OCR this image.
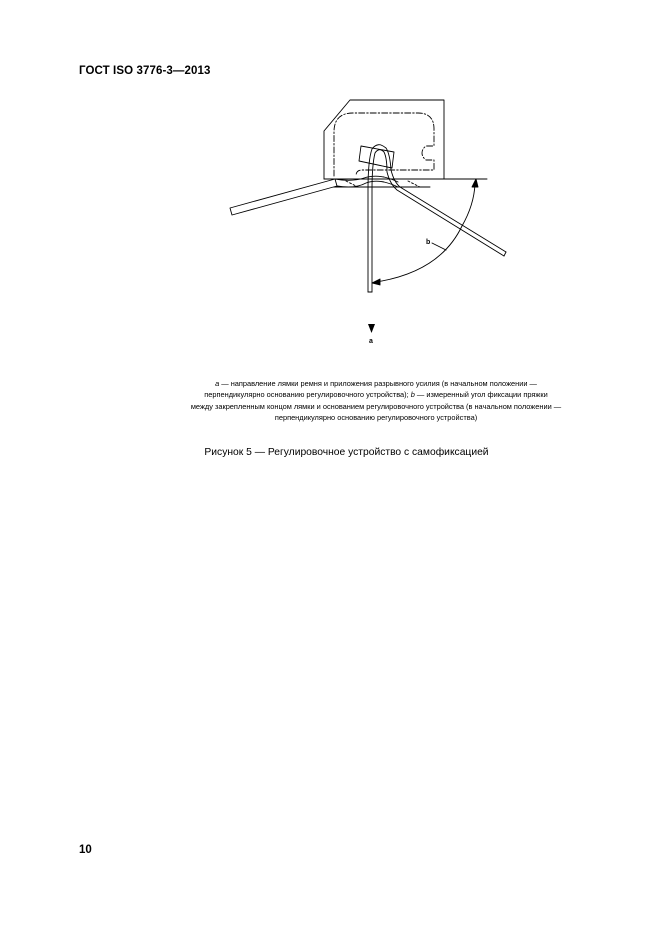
ГОСТ ISO 3776-3—2013
a
b
a — направление лямки ремня и приложения разрывного усилия (в начальном положении —
перпендикулярно основанию регулировочного устройства); b — измеренный угол фиксации пряжки
между закрепленным концом лямки и основанием регулировочного устройства (в начальном положении —
перпендикулярно основанию регулировочного устройства)
Рисунок 5 — Регулировочное устройство с самофиксацией
10
